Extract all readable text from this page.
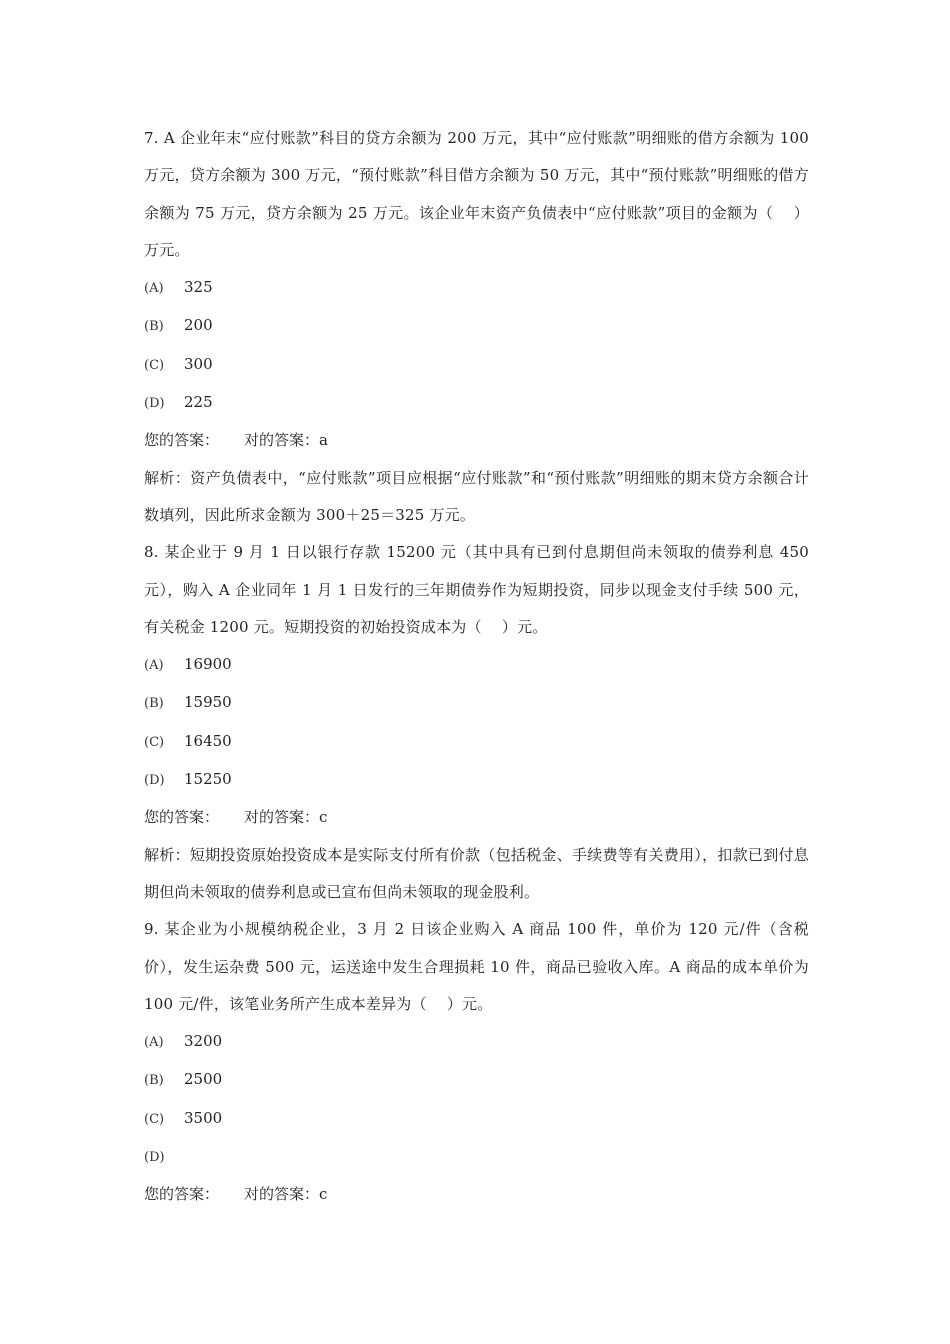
7. A 企业年末“应付账款”科目的贷方余额为 200 万元，其中“应付账款”明细账的借方余额为 100 万元，贷方余额为 300 万元，“预付账款”科目借方余额为 50 万元，其中“预付账款”明细账的借方余额为 75 万元，贷方余额为 25 万元。该企业年末资产负债表中“应付账款”项目的金额为（　 ）万元。

(A) 325

(B) 200

(C) 300

(D) 225

您的答案： 对的答案：a

解析：资产负债表中，“应付账款”项目应根据“应付账款”和“预付账款”明细账的期末贷方余额合计数填列，因此所求金额为 300＋25＝325 万元。

8. 某企业于 9 月 1 日以银行存款 15200 元（其中具有已到付息期但尚未领取的债券利息 450 元），购入 A 企业同年 1 月 1 日发行的三年期债券作为短期投资，同步以现金支付手续 500 元，有关税金 1200 元。短期投资的初始投资成本为（　 ）元。

(A) 16900

(B) 15950

(C) 16450

(D) 15250

您的答案： 对的答案：c

解析：短期投资原始投资成本是实际支付所有价款（包括税金、手续费等有关费用），扣款已到付息期但尚未领取的债券利息或已宣布但尚未领取的现金股利。

9. 某企业为小规模纳税企业，3 月 2 日该企业购入 A 商品 100 件，单价为 120 元/件（含税价），发生运杂费 500 元，运送途中发生合理损耗 10 件，商品已验收入库。A 商品的成本单价为 100 元/件，该笔业务所产生成本差异为（　 ）元。

(A) 3200

(B) 2500

(C) 3500

(D)

您的答案： 对的答案：c
